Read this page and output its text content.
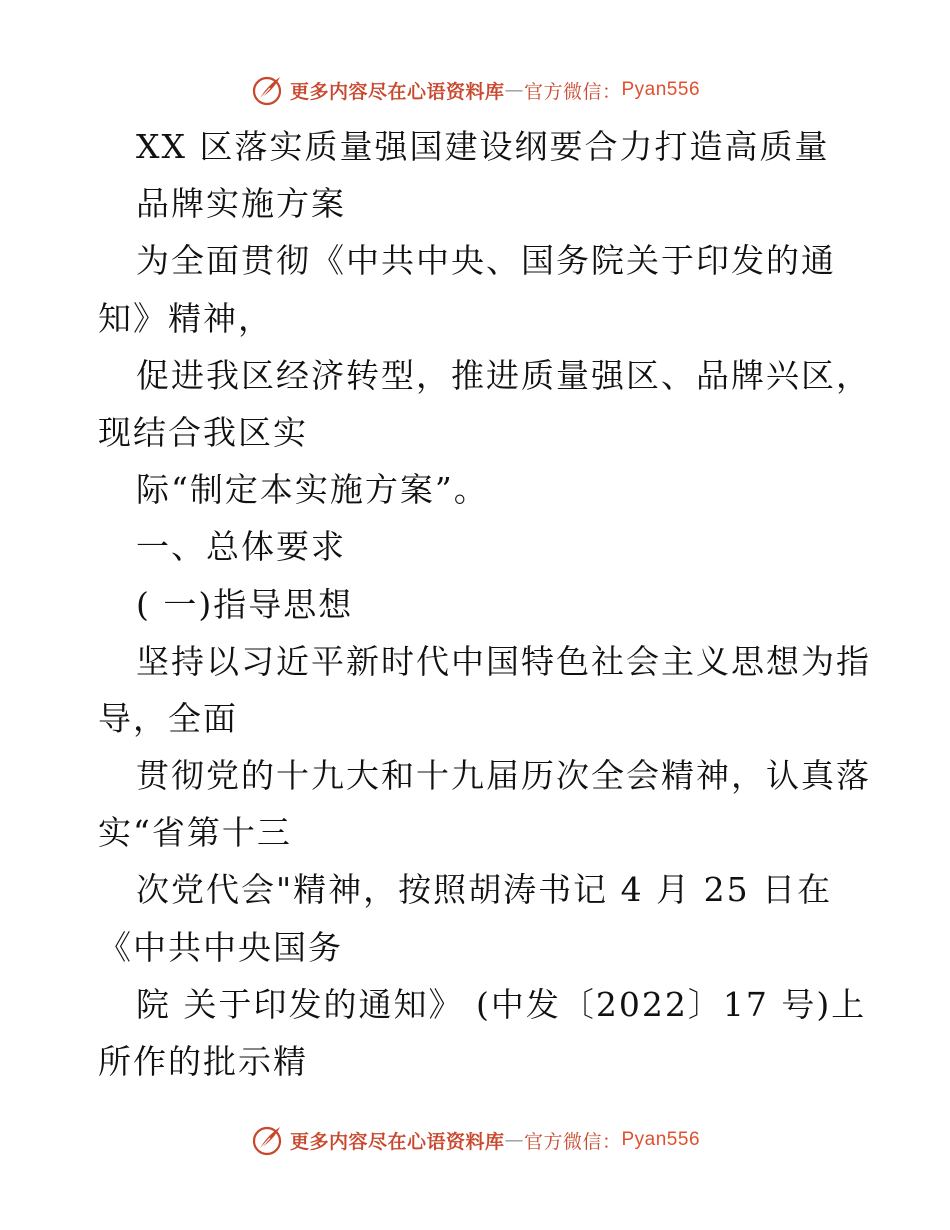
更多内容尽在心语资料库 — 官方微信： Pyan556
XX 区落实质量强国建设纲要合力打造高质量
品牌实施方案
为全面贯彻《中共中央、国务院关于印发的通
知》精神，
促进我区经济转型，推进质量强区、品牌兴区，
现结合我区实
际“制定本实施方案”。
一、总体要求
( 一)指导思想
坚持以习近平新时代中国特色社会主义思想为指
导，全面
贯彻党的十九大和十九届历次全会精神，认真落
实“省第十三
次党代会"精神，按照胡涛书记 4 月 25 日在
《中共中央国务
院 关于印发的通知》 (中发〔2022〕17 号)上
所作的批示精
更多内容尽在心语资料库 — 官方微信： Pyan556
